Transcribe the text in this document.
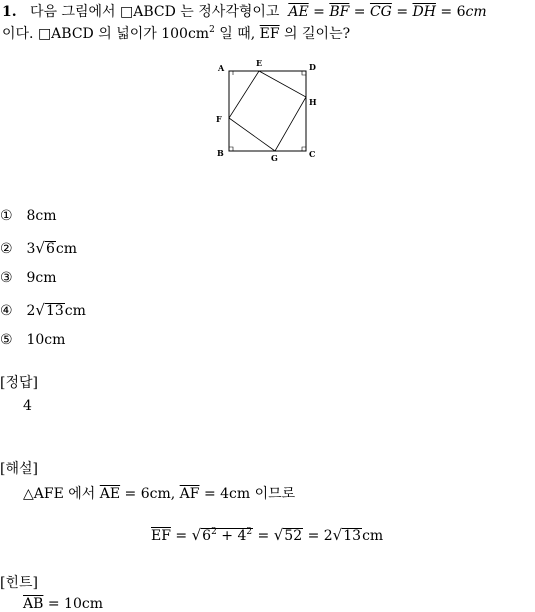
1. 다음 그림에서 □ABCD 는 정사각형이고 $\overline{AE} = \overline{BF} = \overline{CG} = \overline{DH} = 6cm$
이다. □ABCD 의 넓이가 $100cm^2$ 일 때, $\overline{EF}$ 의 길이는?
A	E	D
H
F
B	G	C
① 8cm
② 3√6cm
③ 9cm
④ 2√13cm
⑤ 10cm
[정답]
4
[해설]
△AFE 에서 $\overline{AE} = 6cm$, $\overline{AF} = 4cm$ 이므로
$\overline{EF} = √6^2 + 4^2 = √52 = 2√13cm$
[힌트]
$\overline{AB} = 10cm$
